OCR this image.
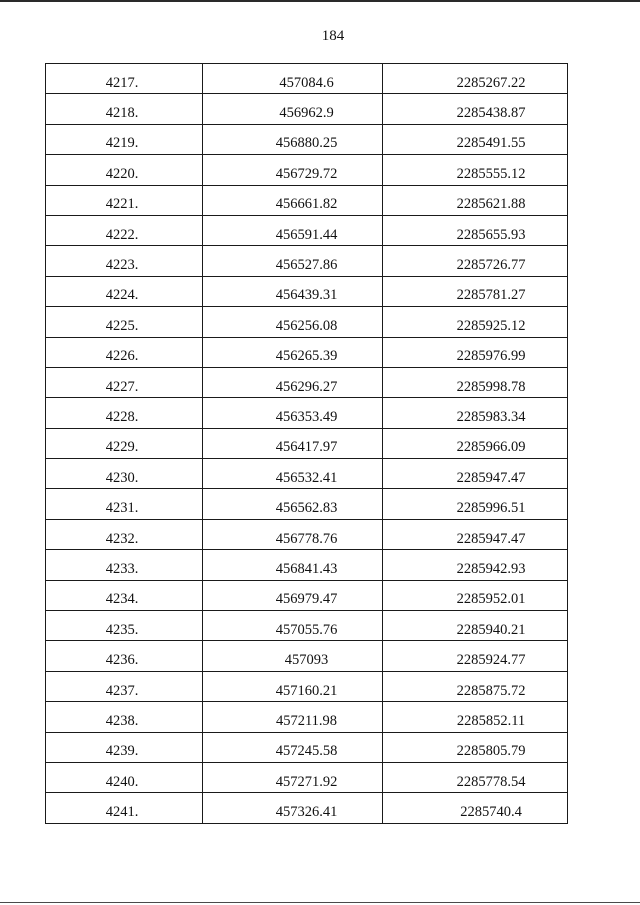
184
4217.	457084.6	2285267.22
4218.	456962.9	2285438.87
4219.	456880.25	2285491.55
4220.	456729.72	2285555.12
4221.	456661.82	2285621.88
4222.	456591.44	2285655.93
4223.	456527.86	2285726.77
4224.	456439.31	2285781.27
4225.	456256.08	2285925.12
4226.	456265.39	2285976.99
4227.	456296.27	2285998.78
4228.	456353.49	2285983.34
4229.	456417.97	2285966.09
4230.	456532.41	2285947.47
4231.	456562.83	2285996.51
4232.	456778.76	2285947.47
4233.	456841.43	2285942.93
4234.	456979.47	2285952.01
4235.	457055.76	2285940.21
4236.	457093	2285924.77
4237.	457160.21	2285875.72
4238.	457211.98	2285852.11
4239.	457245.58	2285805.79
4240.	457271.92	2285778.54
4241.	457326.41	2285740.4
